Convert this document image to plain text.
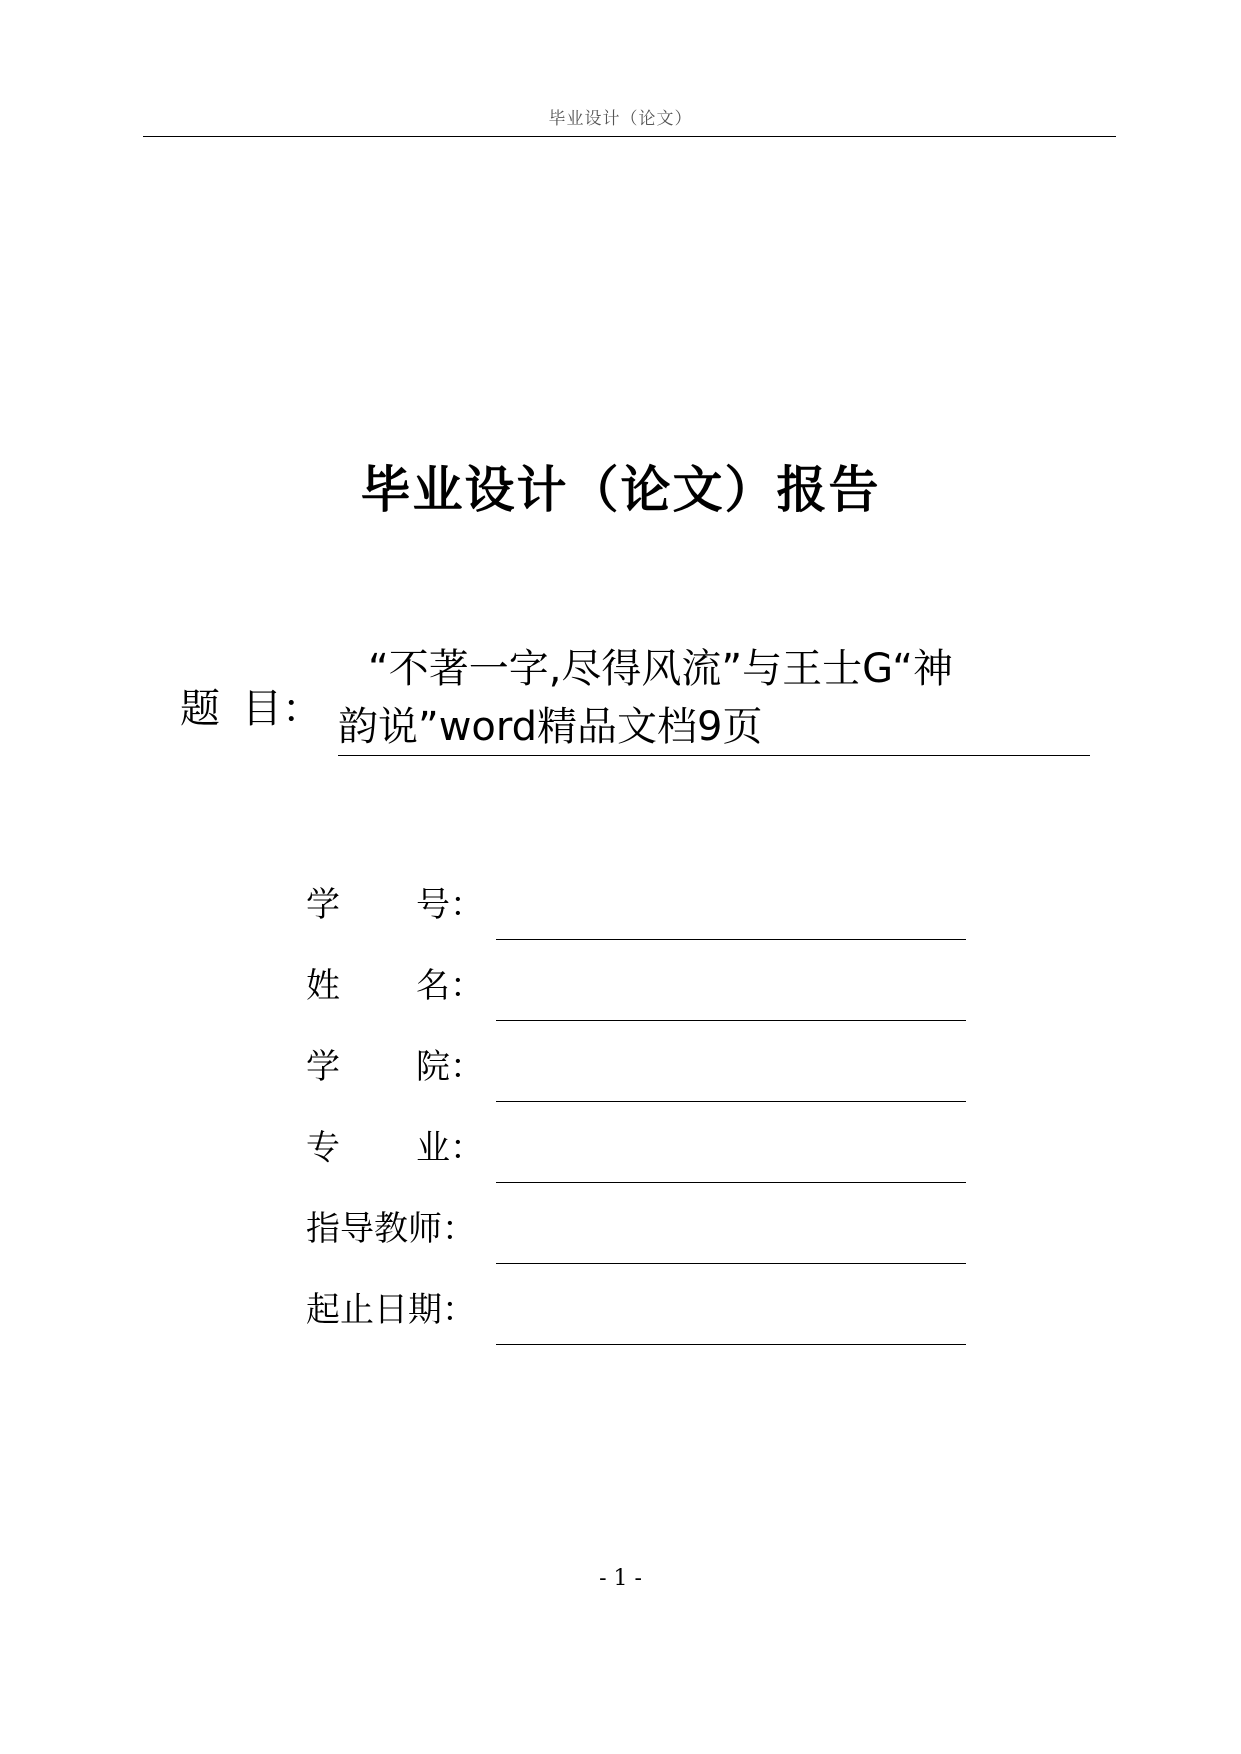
毕业设计（论文）
毕业设计（论文）报告
题 目：
“不著一字,尽得风流”与王士G“神
韵说”word精品文档9页
学 号：
姓 名：
学 院：
专 业：
指导教师：
起止日期：
- 1 -
